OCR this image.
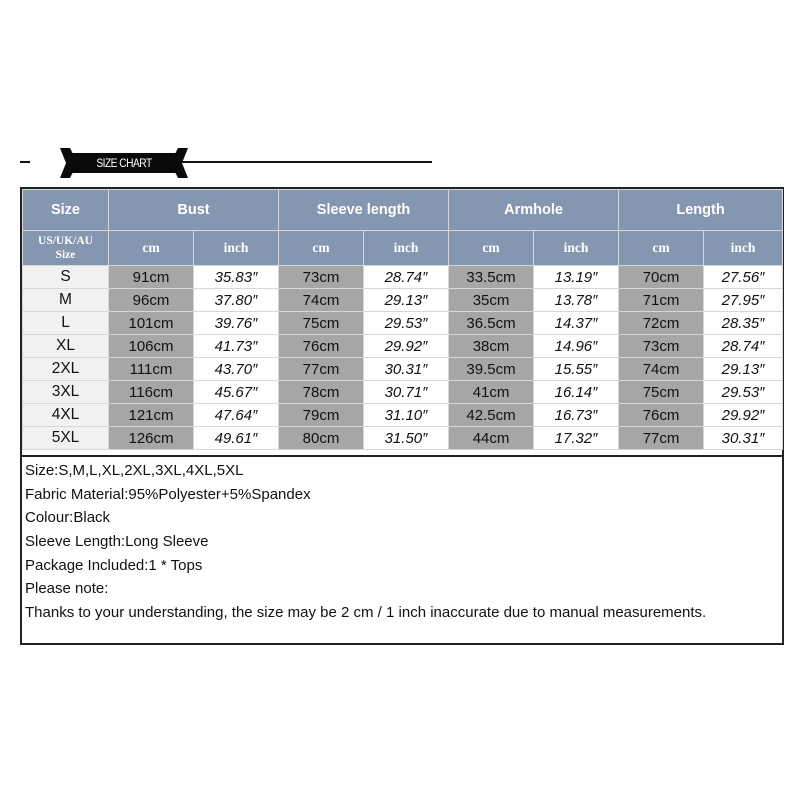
SIZE CHART
Size	Bust		Sleeve length		Armhole		Length	

US/UK/AU
Size	cm	inch	cm	inch	cm	inch	cm	inch
S	91cm	35.83″	73cm	28.74″	33.5cm	13.19″	70cm	27.56″
M	96cm	37.80″	74cm	29.13″	35cm	13.78″	71cm	27.95″
L	101cm	39.76″	75cm	29.53″	36.5cm	14.37″	72cm	28.35″
XL	106cm	41.73″	76cm	29.92″	38cm	14.96″	73cm	28.74″
2XL	111cm	43.70″	77cm	30.31″	39.5cm	15.55″	74cm	29.13″
3XL	116cm	45.67″	78cm	30.71″	41cm	16.14″	75cm	29.53″
4XL	121cm	47.64″	79cm	31.10″	42.5cm	16.73″	76cm	29.92″
5XL	126cm	49.61″	80cm	31.50″	44cm	17.32″	77cm	30.31″
Size:S,M,L,XL,2XL,3XL,4XL,5XL
Fabric Material:95%Polyester+5%Spandex
Colour:Black
Sleeve Length:Long Sleeve
Package Included:1 * Tops
Please note:
Thanks to your understanding, the size may be 2 cm / 1 inch inaccurate due to manual measurements.
